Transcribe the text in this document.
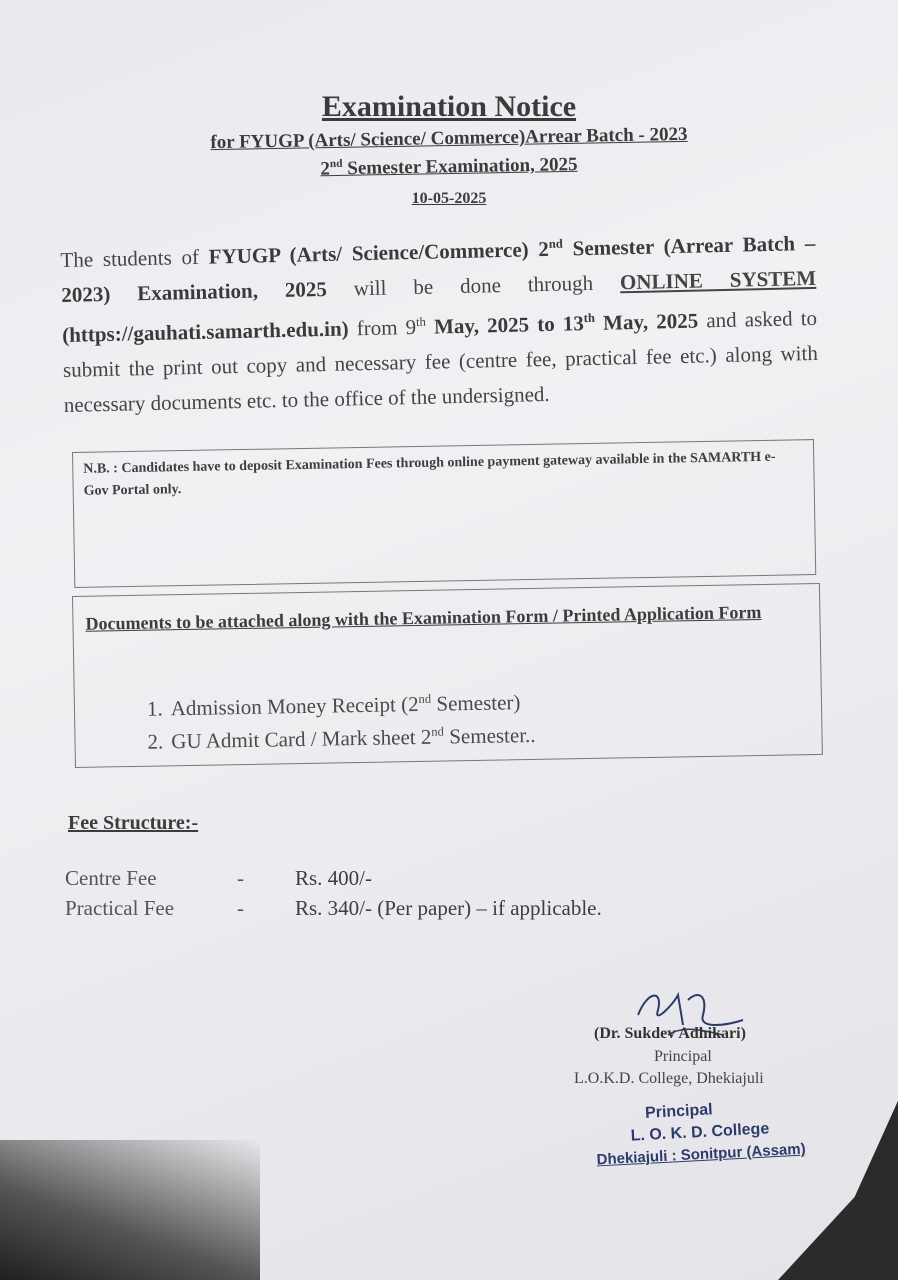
Examination Notice
for FYUGP (Arts/ Science/ Commerce)Arrear Batch - 2023
2nd Semester Examination, 2025
10-05-2025
The students of FYUGP (Arts/ Science/Commerce) 2nd Semester (Arrear Batch – 2023) Examination, 2025 will be done through ONLINE SYSTEM (https://gauhati.samarth.edu.in) from 9th May, 2025 to 13th May, 2025 and asked to submit the print out copy and necessary fee (centre fee, practical fee etc.) along with necessary documents etc. to the office of the undersigned.
N.B. : Candidates have to deposit Examination Fees through online payment gateway available in the SAMARTH e-Gov Portal only.
Documents to be attached along with the Examination Form / Printed Application Form
1. Admission Money Receipt (2nd Semester)
2. GU Admit Card / Mark sheet 2nd Semester..
Fee Structure:-
Centre Fee	- Rs. 400/-
Practical Fee	- Rs. 340/- (Per paper) – if applicable.
(Dr. Sukdev Adhikari)
Principal
L.O.K.D. College, Dhekiajuli
Principal
L. O. K. D. College
Dhekiajuli : Sonitpur (Assam)
